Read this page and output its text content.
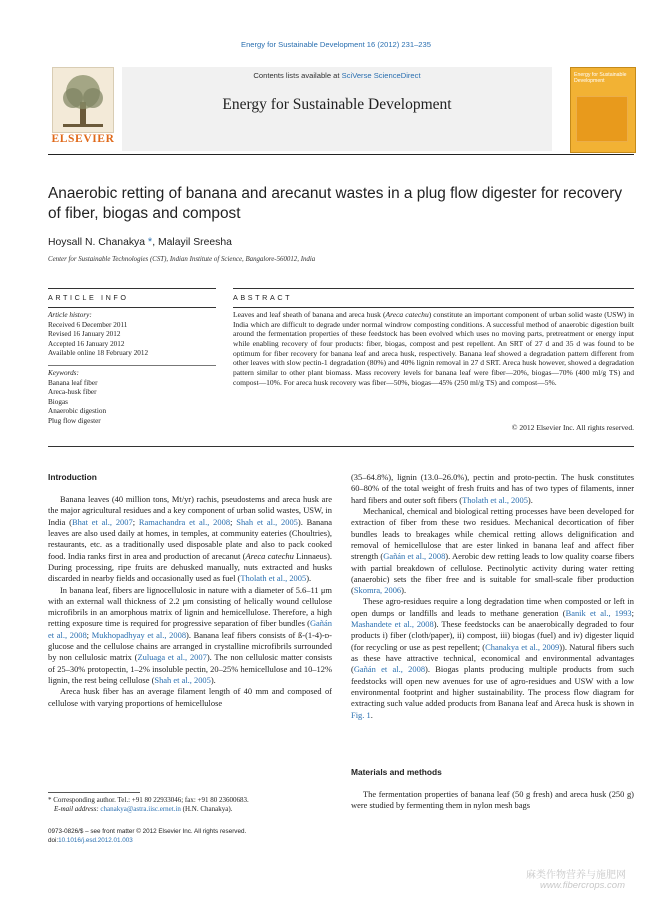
Energy for Sustainable Development 16 (2012) 231–235
ELSEVIER
Contents lists available at SciVerse ScienceDirect
Energy for Sustainable Development
Energy for Sustainable Development
Anaerobic retting of banana and arecanut wastes in a plug flow digester for recovery
of fiber, biogas and compost
Hoysall N. Chanakya *, Malayil Sreesha
Center for Sustainable Technologies (CST), Indian Institute of Science, Bangalore-560012, India
ARTICLE INFO
Article history:
Received 6 December 2011
Revised 16 January 2012
Accepted 16 January 2012
Available online 18 February 2012
Keywords:
Banana leaf fiber
Areca-husk fiber
Biogas
Anaerobic digestion
Plug flow digester
ABSTRACT
Leaves and leaf sheath of banana and areca husk (Areca catechu) constitute an important component of urban solid waste (USW) in India which are difficult to degrade under normal windrow composting conditions. A successful method of anaerobic digestion built around the fermentation properties of these feedstock has been evolved which uses no moving parts, pretreatment or energy input while enabling recovery of four products: fiber, biogas, compost and pest repellent. An SRT of 27 d and 35 d was found to be optimum for fiber recovery for banana leaf and areca husk, respectively. Banana leaf showed a degradation pattern different from other leaves with slow pectin-1 degradation (80%) and 40% lignin removal in 27 d SRT. Areca husk however, showed a degradation pattern similar to other plant biomass. Mass recovery levels for banana leaf were fiber—20%, biogas—70% (400 ml/g TS) and compost—10%. For areca husk recovery was fiber—50%, biogas—45% (250 ml/g TS) and compost—5%.
© 2012 Elsevier Inc. All rights reserved.
Introduction

Banana leaves (40 million tons, Mt/yr) rachis, pseudostems and areca husk are the major agricultural residues and a key component of urban solid wastes, USW, in India (Bhat et al., 2007; Ramachandra et al., 2008; Shah et al., 2005). Banana leaves are also used daily at homes, in temples, at community eateries (Choultries), restaurants, etc. as a traditionally used disposable plate and also to pack cooked food. India ranks first in area and production of arecanut (Areca catechu Linnaeus). During processing, ripe fruits are dehusked manually, nuts extracted and husks discarded in nearby fields and occasionally used as fuel (Tholath et al., 2005).

In banana leaf, fibers are lignocellulosic in nature with a diameter of 5.6–11 μm with an external wall thickness of 2.2 μm consisting of helically wound cellulose microfibrils in an amorphous matrix of lignin and hemicellulose. Therefore, a high retting exposure time is required for progressive separation of fiber bundles (Gañán et al., 2008; Mukhopadhyay et al., 2008). Banana leaf fibers consists of ß-(1-4)-ᴅ-glucose and the cellulose chains are arranged in crystalline microfibrils surrounded by non cellulosic matrix (Zuluaga et al., 2007). The non cellulosic matter consists of 25–30% protopectin, 1–2% insoluble pectin, 20–25% hemicellulose and 10–12% lignin, the rest being cellulose (Shah et al., 2005).

Areca husk fiber has an average filament length of 40 mm and composed of cellulose with varying proportions of hemicellulose

(35–64.8%), lignin (13.0–26.0%), pectin and proto-pectin. The husk constitutes 60–80% of the total weight of fresh fruits and has of two types of filaments, inner hard fibers and outer soft fibers (Tholath et al., 2005).

Mechanical, chemical and biological retting processes have been developed for extraction of fiber from these two residues. Mechanical decortication of fiber bundles leads to breakages while chemical retting allows delignification and removal of hemicellulose that are ester linked in banana leaf and affect fiber strength (Gañán et al., 2008). Aerobic dew retting leads to low quality coarse fibers with partial breakdown of cellulose. Pectinolytic activity during water retting (anaerobic) sets the fiber free and is suitable for small-scale fiber production (Skomra, 2006).

These agro-residues require a long degradation time when composted or left in open dumps or landfills and leads to methane generation (Banik et al., 1993; Mashandete et al., 2008). These feedstocks can be anaerobically degraded to four products i) fiber (cloth/paper), ii) compost, iii) biogas (fuel) and iv) digester liquid (for recycling or use as pest repellent; (Chanakya et al., 2009)). Natural fibers such as these have attractive technical, economical and environmental advantages (Gañán et al., 2008). Biogas plants producing multiple products from such feedstocks will open new avenues for use of agro-residues and USW with a low environmental footprint and higher sustainability. The process flow diagram for extracting such value added products from Banana leaf and Areca husk is shown in Fig. 1.

Materials and methods

The fermentation properties of banana leaf (50 g fresh) and areca husk (250 g) were studied by fermenting them in nylon mesh bags

* Corresponding author. Tel.: +91 80 22933046; fax: +91 80 23600683.
E-mail address: chanakya@astra.iisc.ernet.in (H.N. Chanakya).
0973-0826/$ – see front matter © 2012 Elsevier Inc. All rights reserved.
doi:10.1016/j.esd.2012.01.003
麻类作物营养与施肥网
www.fibercrops.com
